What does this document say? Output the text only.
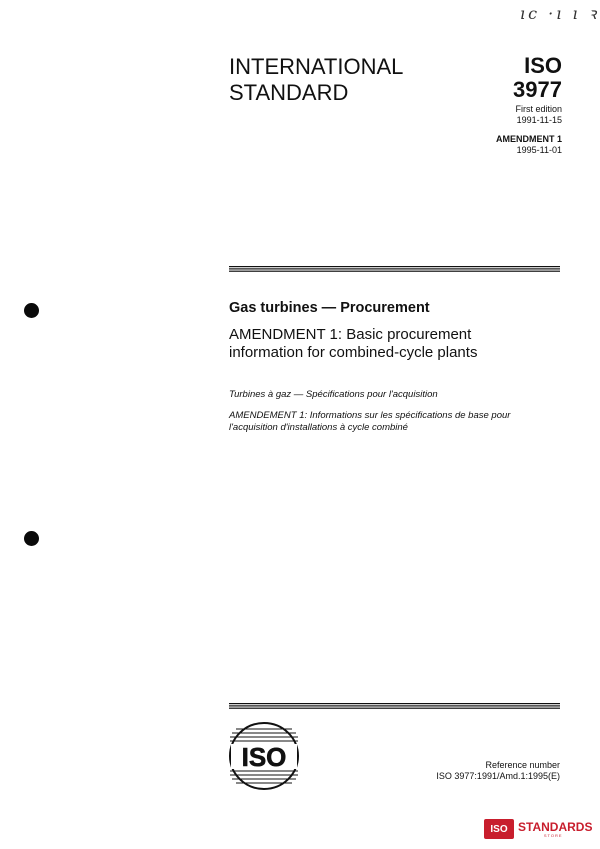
ıc ·ı ı ꝛ
INTERNATIONAL
STANDARD
ISO
3977
First edition
1991-11-15
AMENDMENT 1
1995-11-01
Gas turbines — Procurement
AMENDMENT 1: Basic procurement
information for combined-cycle plants
Turbines à gaz — Spécifications pour l'acquisition
AMENDEMENT 1: Informations sur les spécifications de base pour
l'acquisition d'installations à cycle combiné
ISO	Reference number
ISO 3977:1991/Amd.1:1995(E)
ISO STANDARDS
STORE
